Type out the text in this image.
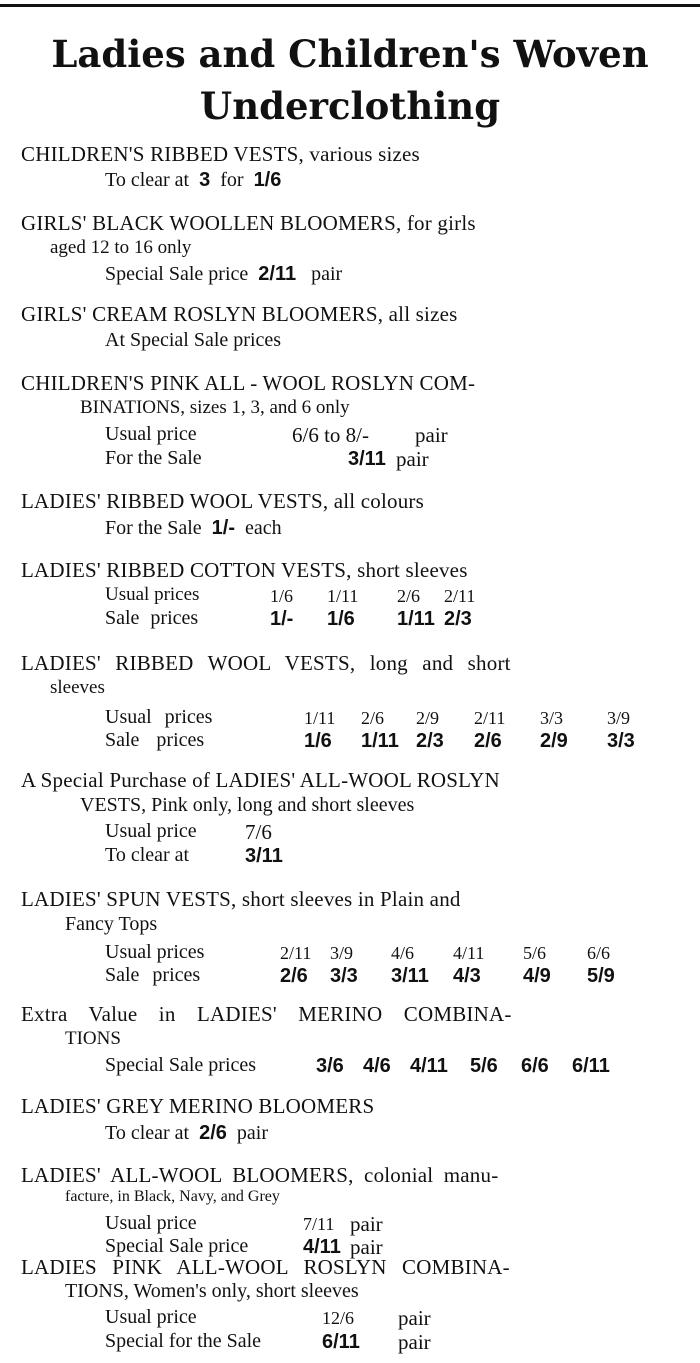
Ladies and Children's Woven
Underclothing
CHILDREN'S RIBBED VESTS, various sizes
To clear at 3 for 1/6
GIRLS' BLACK WOOLLEN BLOOMERS, for girls
aged 12 to 16 only
Special Sale price 2/11 pair
GIRLS' CREAM ROSLYN BLOOMERS, all sizes
At Special Sale prices
CHILDREN'S PINK ALL - WOOL ROSLYN COM-
BINATIONS, sizes 1, 3, and 6 only
Usual price	6/6 to 8/- pair
For the Sale	3/11 pair
LADIES' RIBBED WOOL VESTS, all colours
For the Sale 1/- each
LADIES' RIBBED COTTON VESTS, short sleeves
Usual prices	1/6 1/11 2/6 2/11
Sale prices	1/- 1/6 1/11 2/3
LADIES' RIBBED WOOL VESTS, long and short
sleeves
Usual prices	1/11 2/6 2/9 2/11 3/3 3/9
Sale prices	1/6 1/11 2/3 2/6 2/9 3/3
A Special Purchase of LADIES' ALL-WOOL ROSLYN
VESTS, Pink only, long and short sleeves
Usual price 7/6
To clear at	3/11
LADIES' SPUN VESTS, short sleeves in Plain and
Fancy Tops
Usual prices	2/11 3/9 4/6 4/11 5/6 6/6
Sale prices	2/6 3/3 3/11 4/3 4/9 5/9
Extra Value in LADIES' MERINO COMBINA-
TIONS
Special Sale prices	3/6 4/6 4/11 5/6 6/6 6/11
LADIES' GREY MERINO BLOOMERS
To clear at 2/6 pair
LADIES' ALL-WOOL BLOOMERS, colonial manu-
facture, in Black, Navy, and Grey
Usual price	7/11 pair
Special Sale price	4/11 pair
LADIES PINK ALL-WOOL ROSLYN COMBINA-
TIONS, Women's only, short sleeves
Usual price	12/6 pair
Special for the Sale	6/11 pair
